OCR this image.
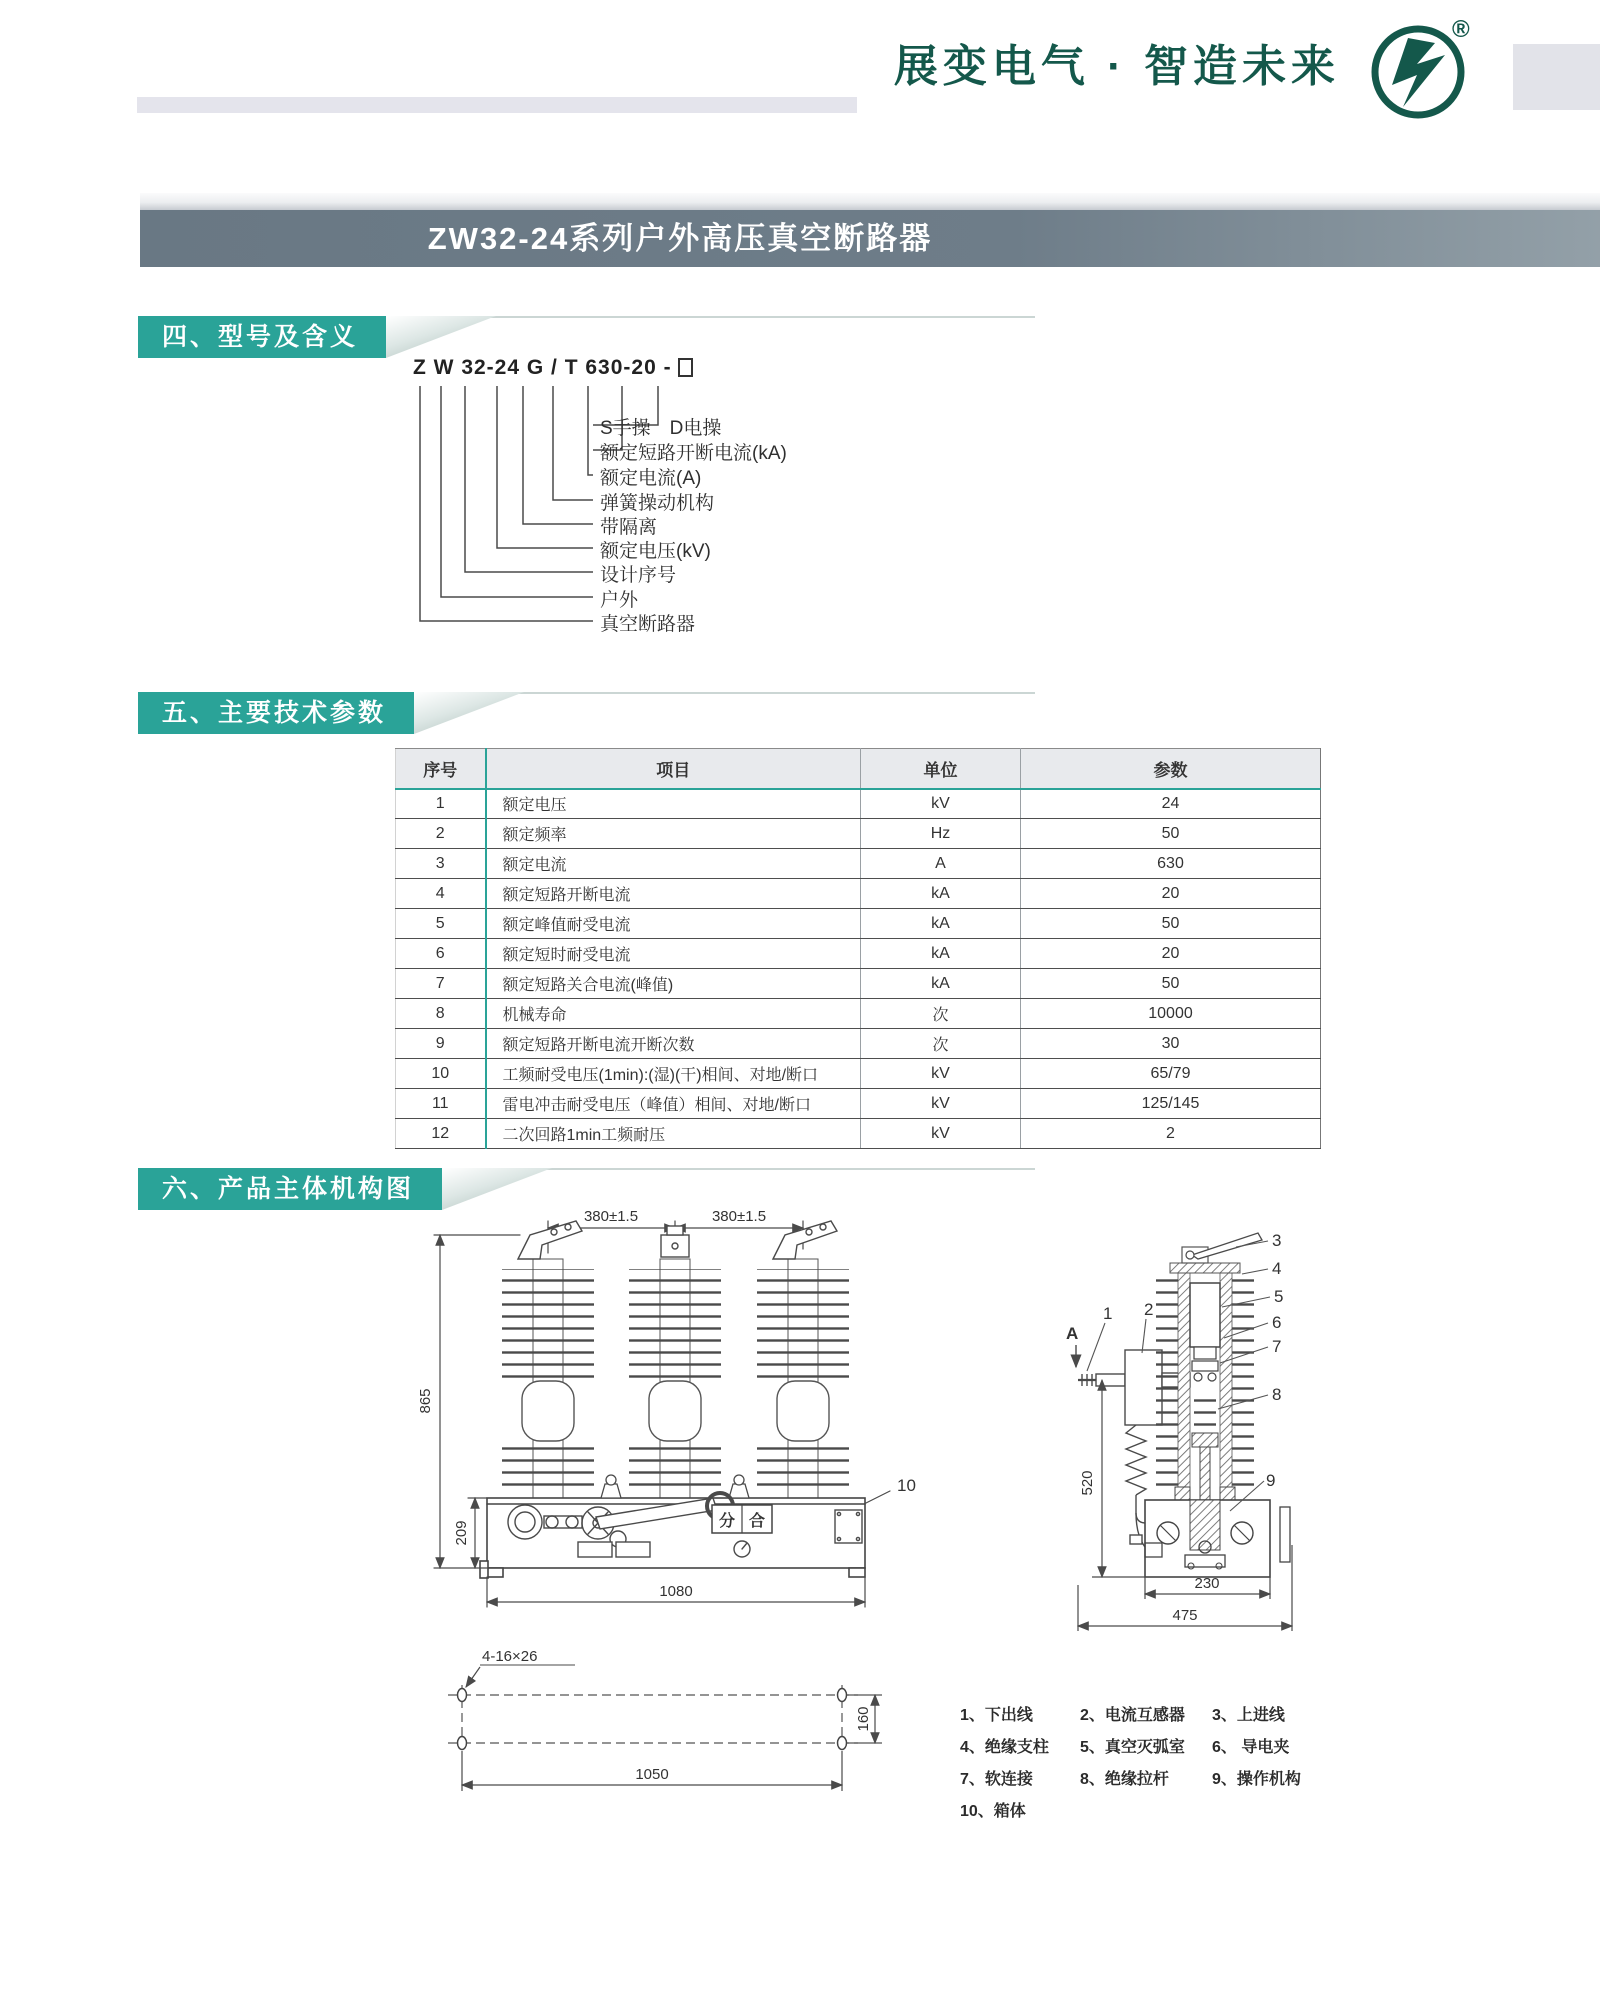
展变电气 · 智造未来
®
ZW32-24系列户外高压真空断路器
四、型号及含义
Z W 32-24 G / T 630-20 -
S手操　D电操
额定短路开断电流(kA)
额定电流(A)
弹簧操动机构
带隔离
额定电压(kV)
设计序号
户外
真空断路器
五、主要技术参数
序号	项目	单位	参数
1	额定电压	kV	24
2	额定频率	Hz	50
3	额定电流	A	630
4	额定短路开断电流	kA	20
5	额定峰值耐受电流	kA	50
6	额定短时耐受电流	kA	20
7	额定短路关合电流(峰值)	kA	50
8	机械寿命	次	10000
9	额定短路开断电流开断次数	次	30
10	工频耐受电压(1min):(湿)(干)相间、对地/断口	kV	65/79
11	雷电冲击耐受电压（峰值）相间、对地/断口	kV	125/145
12	二次回路1min工频耐压	kV	2
六、产品主体机构图
380±1.5	380±1.5
分 合
10
865
209
1080
A
1 2
3
4
5
6
7
8
9
520
230
475
4-16×26
160
1050
1、下出线	2、电流互感器	3、上进线
4、绝缘支柱	5、真空灭弧室	6、 导电夹
7、软连接	8、绝缘拉杆	9、操作机构
10、箱体
